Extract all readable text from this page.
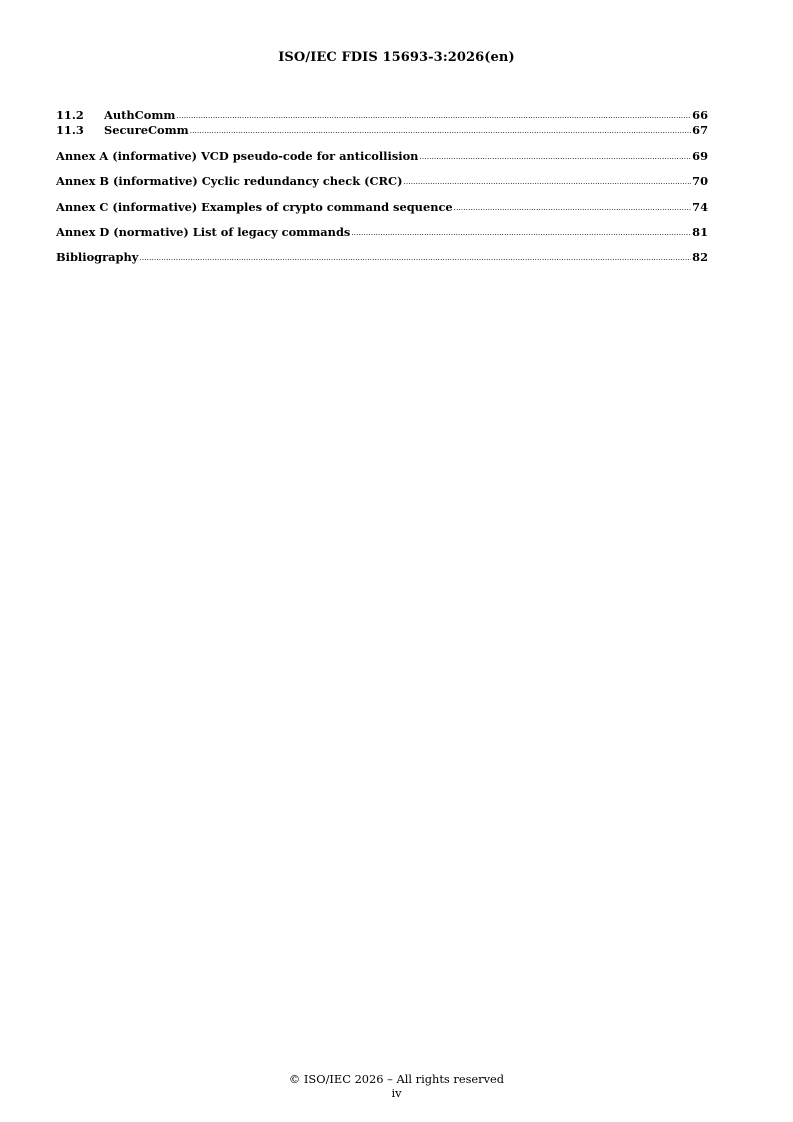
ISO/IEC FDIS 15693-3:2026(en)
11.2	AuthComm .....	66
11.3	SecureComm .....	67
Annex A (informative) VCD pseudo-code for anticollision .....	69
Annex B (informative) Cyclic redundancy check (CRC) .....	70
Annex C (informative) Examples of crypto command sequence .....	74
Annex D (normative) List of legacy commands .....	81
Bibliography .....	82
© ISO/IEC 2026 – All rights reserved
iv
